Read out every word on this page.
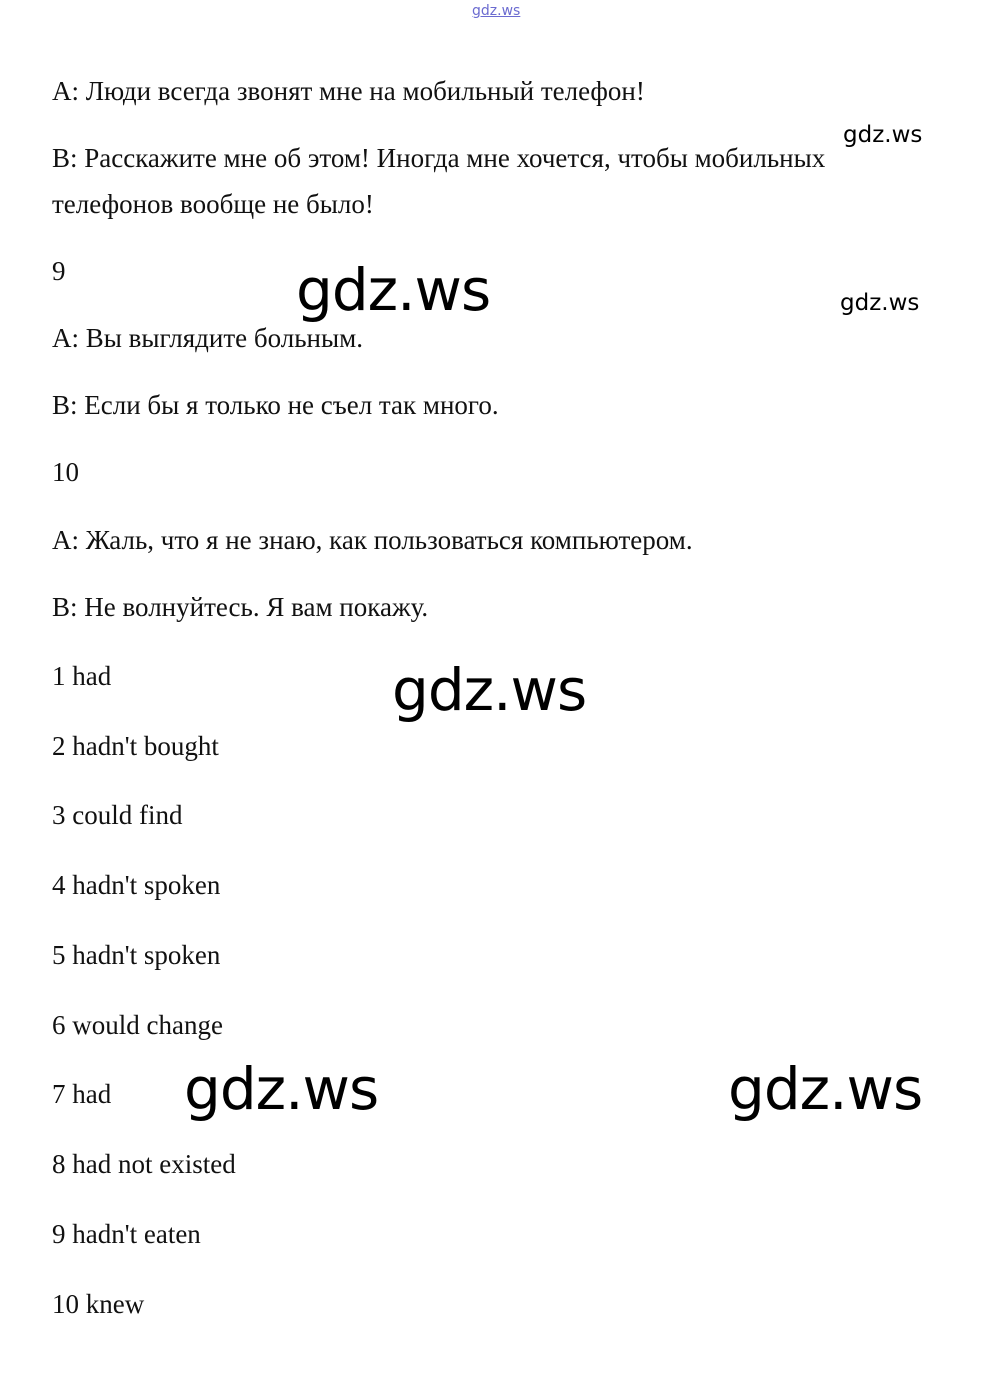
gdz.ws
А: Люди всегда звонят мне на мобильный телефон!
В: Расскажите мне об этом! Иногда мне хочется, чтобы мобильных телефонов вообще не было!
9
А: Вы выглядите больным.
В: Если бы я только не съел так много.
10
А: Жаль, что я не знаю, как пользоваться компьютером.
В: Не волнуйтесь. Я вам покажу.
1 had
2 hadn't bought
3 could find
4 hadn't spoken
5 hadn't spoken
6 would change
7 had
8 had not existed
9 hadn't eaten
10 knew
gdz.ws
gdz.ws
gdz.ws
gdz.ws
gdz.ws	gdz.ws
